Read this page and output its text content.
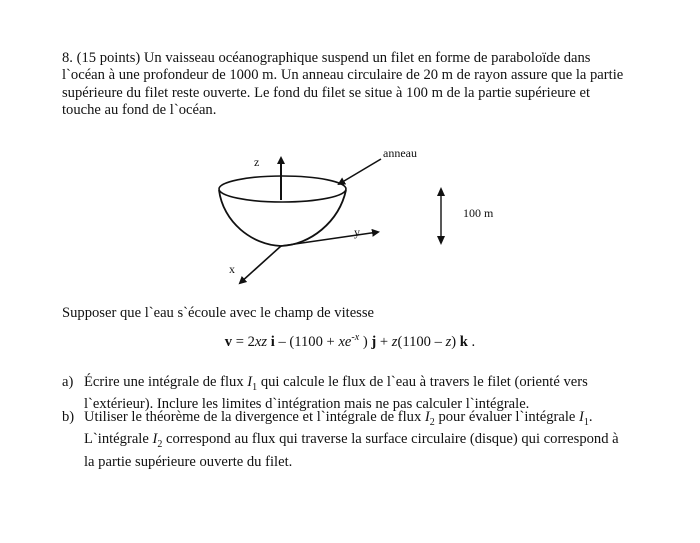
8. (15 points) Un vaisseau océanographique suspend un filet en forme de paraboloïde dans l`océan à une profondeur de 1000 m. Un anneau circulaire de 20 m de rayon assure que la partie supérieure du filet reste ouverte. Le fond du filet se situe à 100 m de la partie supérieure et touche au fond de l`océan.

z
y
x
anneau
100 m

Supposer que l`eau s`écoule avec le champ de vitesse

v = 2xz $i - (1100 + xe^{-x}$ ) j + z(1100 – z) k .
a) Écrire une intégrale de flux $I_1$ qui calcule le flux de l`eau à travers le filet (orienté vers l`extérieur). Inclure les limites d`intégration mais ne pas calculer l`intégrale.
b) Utiliser le théorème de la divergence et l`intégrale de flux $I_2$ pour évaluer l`intégrale $I_1$. L`intégrale $I_2$ correspond au flux qui traverse la surface circulaire (disque) qui correspond à la partie supérieure ouverte du filet.
